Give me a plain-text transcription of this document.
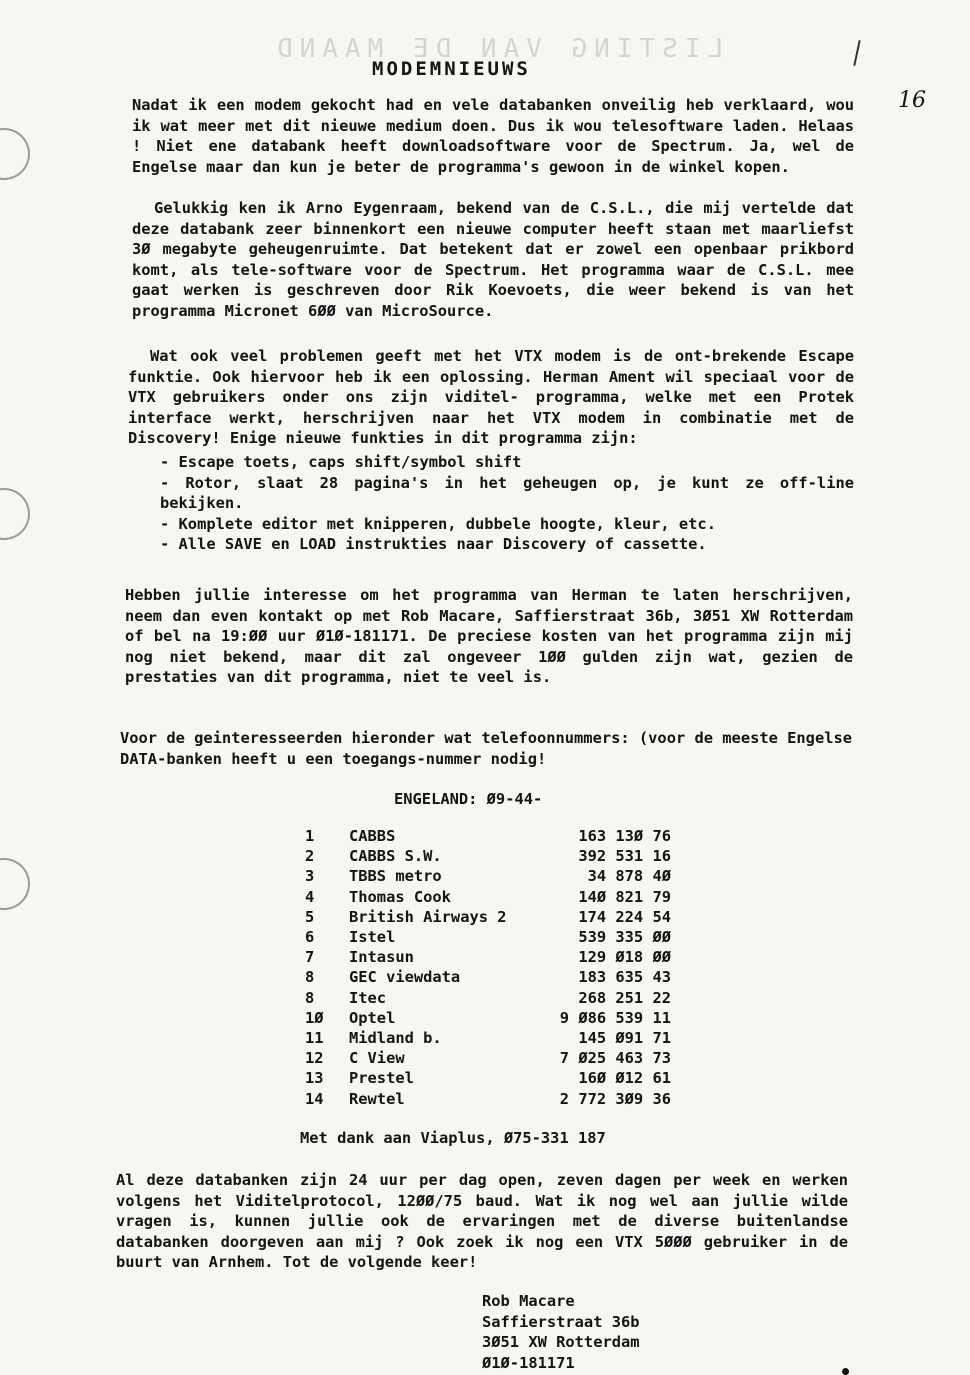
LISTING VAN DE MAAND
MODEMNIEUWS
16

Nadat ik een modem gekocht had en vele databanken onveilig heb verklaard, wou ik wat meer met dit nieuwe medium doen. Dus ik wou telesoftware laden. Helaas ! Niet ene databank heeft downloadsoftware voor de Spectrum. Ja, wel de Engelse maar dan kun je beter de programma's gewoon in de winkel kopen.

Gelukkig ken ik Arno Eygenraam, bekend van de C.S.L., die mij vertelde dat deze databank zeer binnenkort een nieuwe computer heeft staan met maarliefst 3Ø megabyte geheugenruimte. Dat betekent dat er zowel een openbaar prikbord komt, als tele-software voor de Spectrum. Het programma waar de C.S.L. mee gaat werken is geschreven door Rik Koevoets, die weer bekend is van het programma Micronet 6ØØ van MicroSource.

Wat ook veel problemen geeft met het VTX modem is de ont-brekende Escape funktie. Ook hiervoor heb ik een oplossing. Herman Ament wil speciaal voor de VTX gebruikers onder ons zijn viditel- programma, welke met een Protek interface werkt, herschrijven naar het VTX modem in combinatie met de Discovery! Enige nieuwe funkties in dit programma zijn:

- Escape toets, caps shift/symbol shift
- Rotor, slaat 28 pagina's in het geheugen op, je kunt ze off-line bekijken.
- Komplete editor met knipperen, dubbele hoogte, kleur, etc.
- Alle SAVE en LOAD instrukties naar Discovery of cassette.

Hebben jullie interesse om het programma van Herman te laten herschrijven, neem dan even kontakt op met Rob Macare, Saffierstraat 36b, 3Ø51 XW Rotterdam of bel na 19:ØØ uur Ø1Ø-181171. De preciese kosten van het programma zijn mij nog niet bekend, maar dit zal ongeveer 1ØØ gulden zijn wat, gezien de prestaties van dit programma, niet te veel is.

Voor de geinteresseerden hieronder wat telefoonnummers: (voor de meeste Engelse DATA-banken heeft u een toegangs-nummer nodig!

ENGELAND: Ø9-44-
1	CABBS	163 13Ø 76
2	CABBS S.W.	392 531 16
3	TBBS metro	34 878 4Ø
4	Thomas Cook	14Ø 821 79
5	British Airways 2	174 224 54
6	Istel	539 335 ØØ
7	Intasun	129 Ø18 ØØ
8	GEC viewdata	183 635 43
8	Itec	268 251 22
1Ø	Optel	9 Ø86 539 11
11	Midland b.	145 Ø91 71
12	C View	7 Ø25 463 73
13	Prestel	16Ø Ø12 61
14	Rewtel	2 772 3Ø9 36
Met dank aan Viaplus, Ø75-331 187

Al deze databanken zijn 24 uur per dag open, zeven dagen per week en werken volgens het Viditelprotocol, 12ØØ/75 baud. Wat ik nog wel aan jullie wilde vragen is, kunnen jullie ook de ervaringen met de diverse buitenlandse databanken doorgeven aan mij ? Ook zoek ik nog een VTX 5ØØØ gebruiker in de buurt van Arnhem. Tot de volgende keer!

Rob Macare
Saffierstraat 36b
3Ø51 XW Rotterdam
Ø1Ø-181171
